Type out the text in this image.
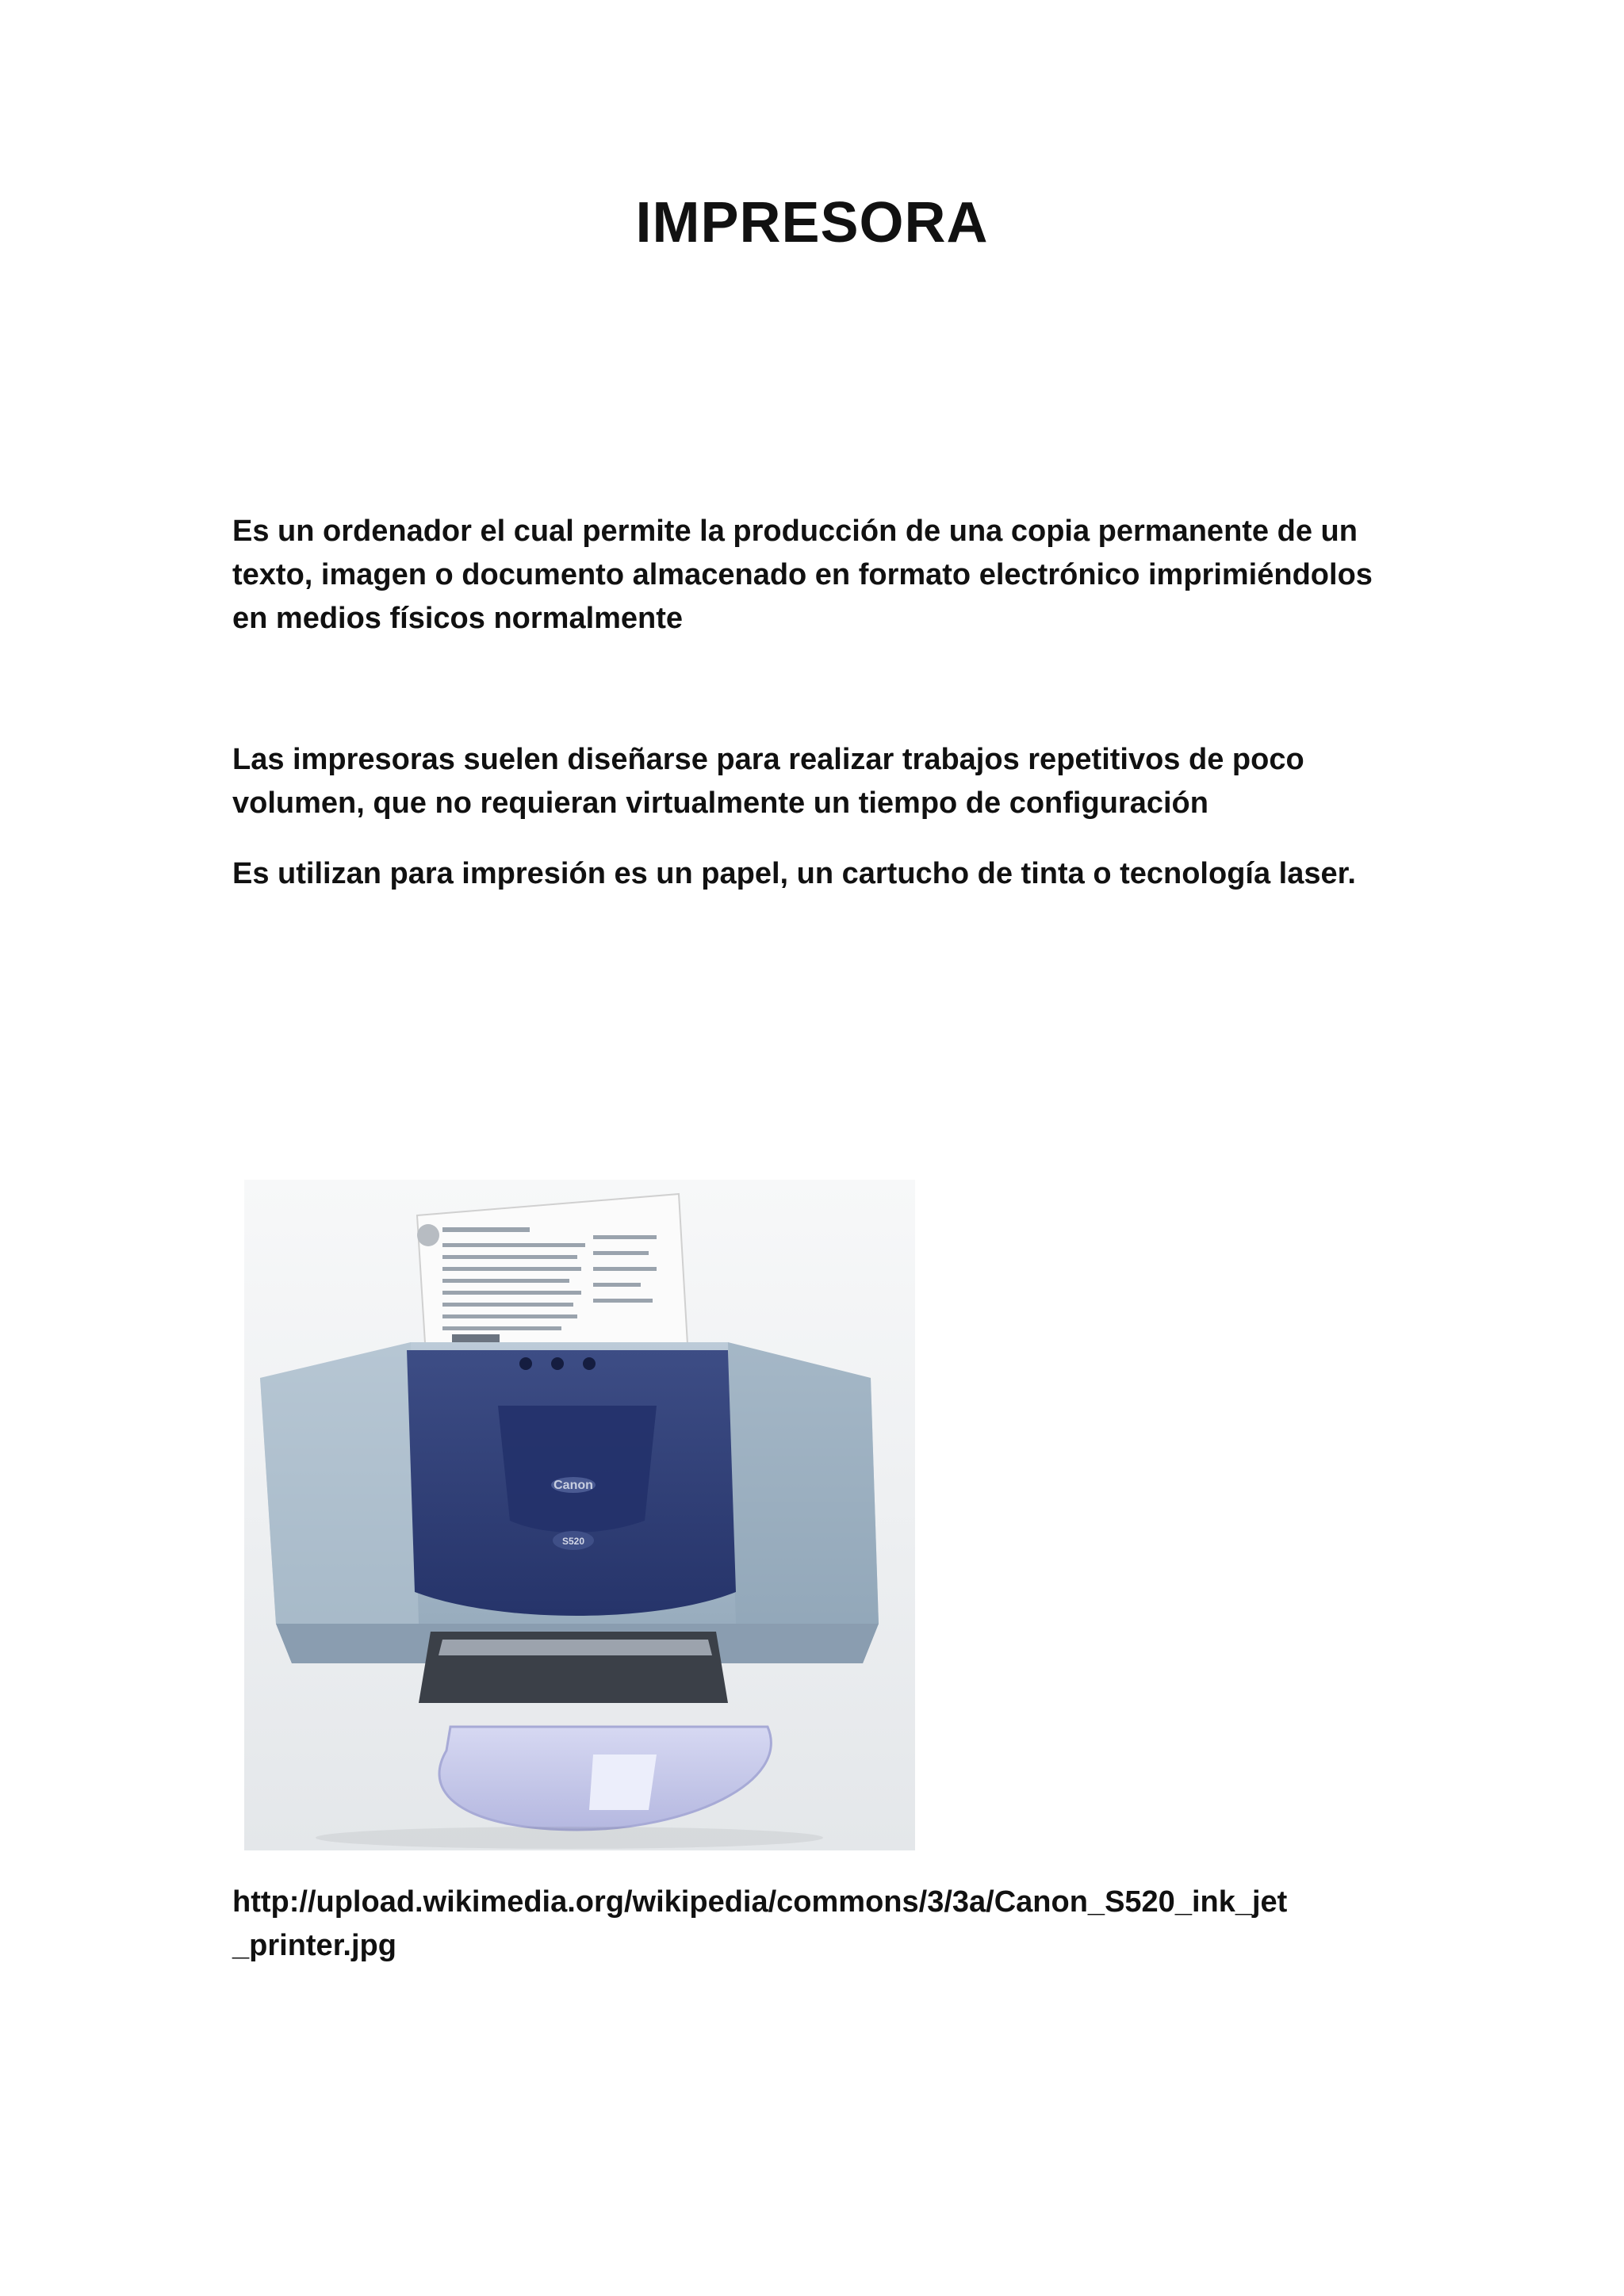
IMPRESORA

Es un ordenador el cual permite la producción de una copia permanente de un texto, imagen o documento almacenado en formato electrónico imprimiéndolos en medios físicos normalmente

Las impresoras suelen diseñarse para realizar trabajos repetitivos de poco volumen, que no requieran virtualmente un tiempo de configuración

Es utilizan para impresión es un papel, un cartucho de tinta o tecnología laser.

Canon
S520
http://upload.wikimedia.org/wikipedia/commons/3/3a/Canon_S520_ink_jet
_printer.jpg
